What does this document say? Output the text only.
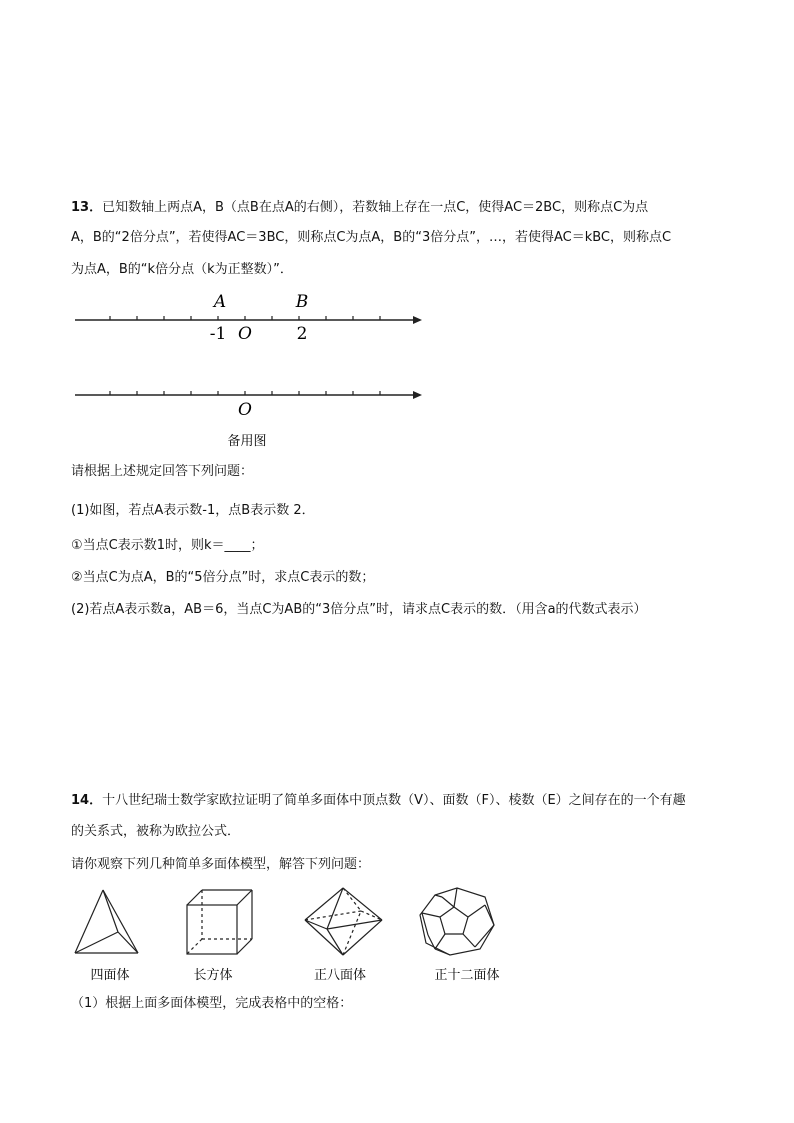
13．已知数轴上两点A，B（点B在点A的右侧），若数轴上存在一点C，使得AC＝2BC，则称点C为点
A，B的“2倍分点”，若使得AC＝3BC，则称点C为点A，B的“3倍分点”，…，若使得AC＝kBC，则称点C
为点A，B的“k倍分点（k为正整数）”．
A	B
-1 O	2
O
备用图
请根据上述规定回答下列问题：
(1)如图，若点A表示数-1，点B表示数 2．
①当点C表示数1时，则k＝____；
②当点C为点A，B的“5倍分点”时，求点C表示的数；
(2)若点A表示数a，AB＝6，当点C为AB的“3倍分点”时，请求点C表示的数．（用含a的代数式表示）
14．十八世纪瑞士数学家欧拉证明了简单多面体中顶点数（V）、面数（F）、棱数（E）之间存在的一个有趣
的关系式，被称为欧拉公式．
请你观察下列几种简单多面体模型，解答下列问题：
四面体	长方体	正八面体	正十二面体
（1）根据上面多面体模型，完成表格中的空格：
